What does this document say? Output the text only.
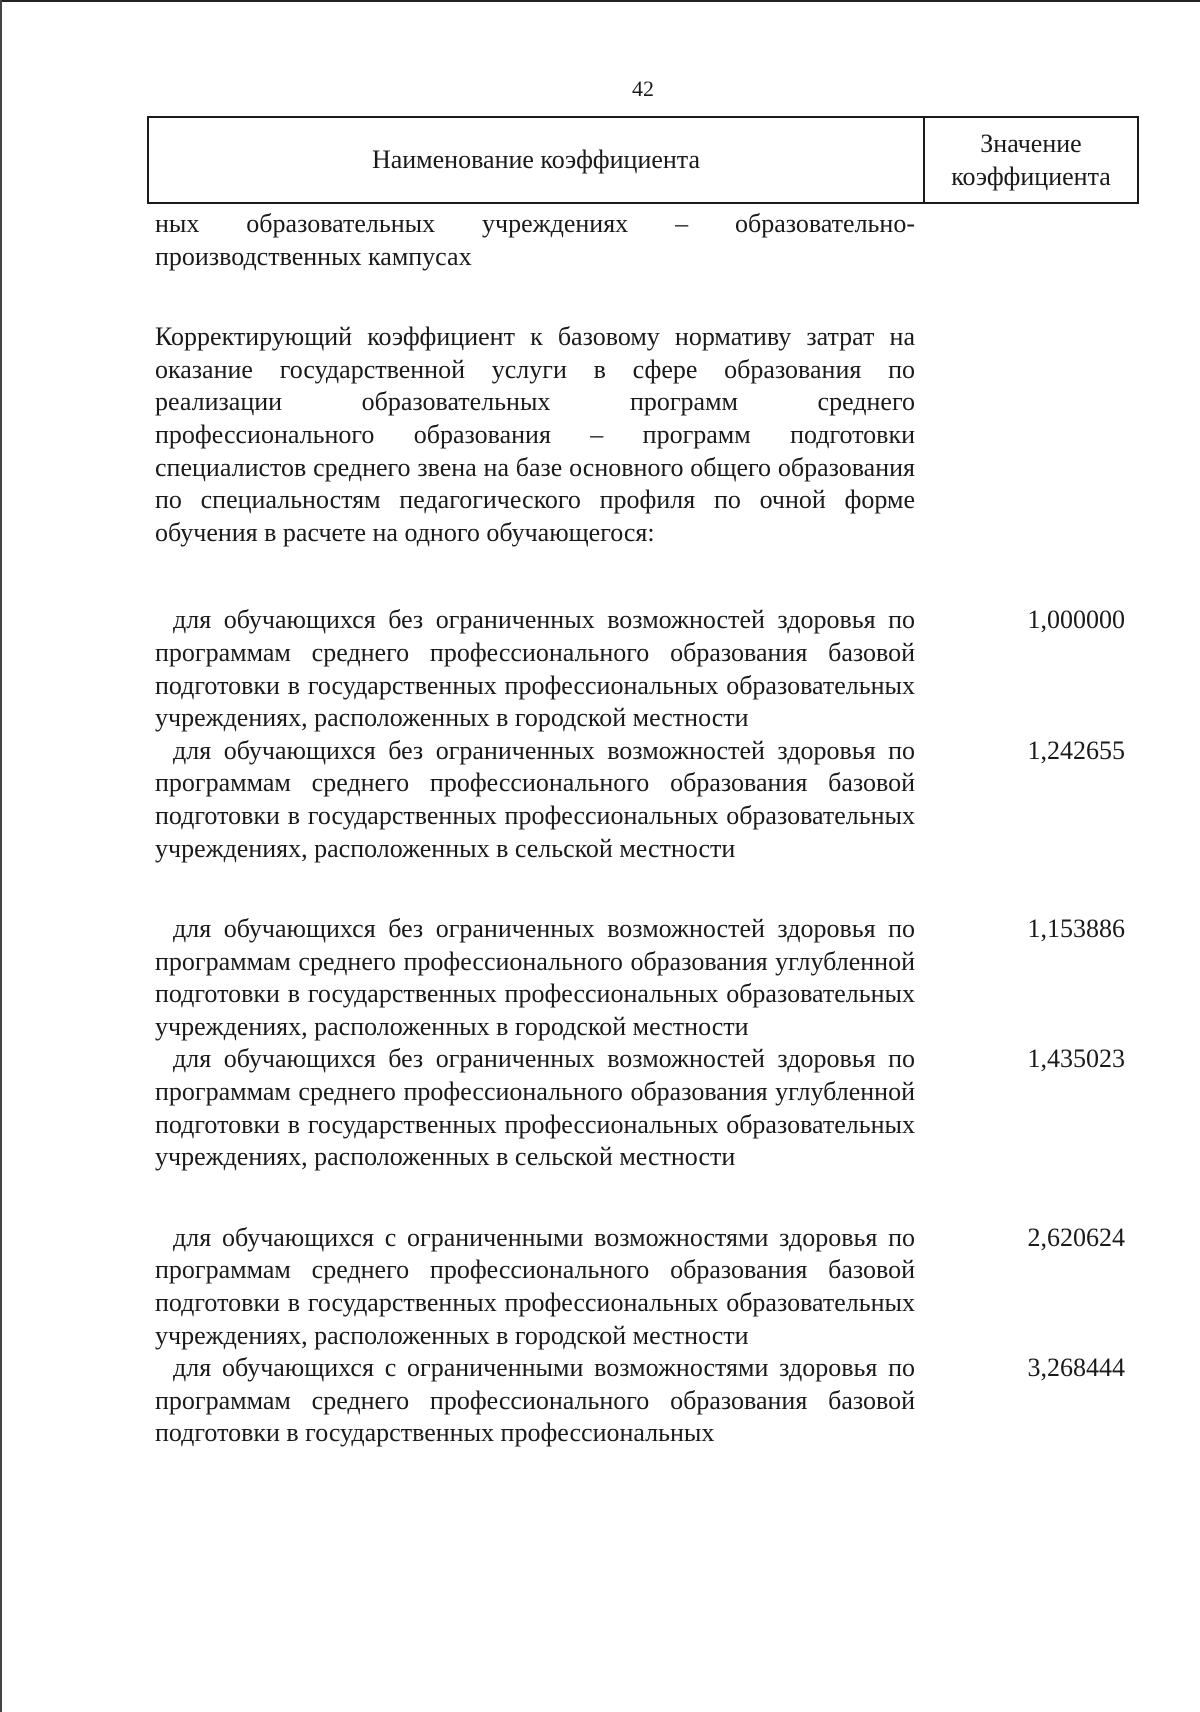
42
Наименование коэффициента
Значение коэффициента
ных образовательных учреждениях – образовательно-производственных кампусах
Корректирующий коэффициент к базовому нормативу затрат на оказание государственной услуги в сфере образования по реализации образовательных программ среднего профессионального образования – программ подготовки специалистов среднего звена на базе основного общего образования по специальностям педагогического профиля по очной форме обучения в расчете на одного обучающегося:
для обучающихся без ограниченных возможностей здоровья по программам среднего профессионального образования базовой подготовки в государственных профессиональных образовательных учреждениях, расположенных в городской местности
1,000000
для обучающихся без ограниченных возможностей здоровья по программам среднего профессионального образования базовой подготовки в государственных профессиональных образовательных учреждениях, расположенных в сельской местности
1,242655
для обучающихся без ограниченных возможностей здоровья по программам среднего профессионального образования углубленной подготовки в государственных профессиональных образовательных учреждениях, расположенных в городской местности
1,153886
для обучающихся без ограниченных возможностей здоровья по программам среднего профессионального образования углубленной подготовки в государственных профессиональных образовательных учреждениях, расположенных в сельской местности
1,435023
для обучающихся с ограниченными возможностями здоровья по программам среднего профессионального образования базовой подготовки в государственных профессиональных образовательных учреждениях, расположенных в городской местности
2,620624
для обучающихся с ограниченными возможностями здоровья по программам среднего профессионального образования базовой подготовки в государственных профессиональных
3,268444
